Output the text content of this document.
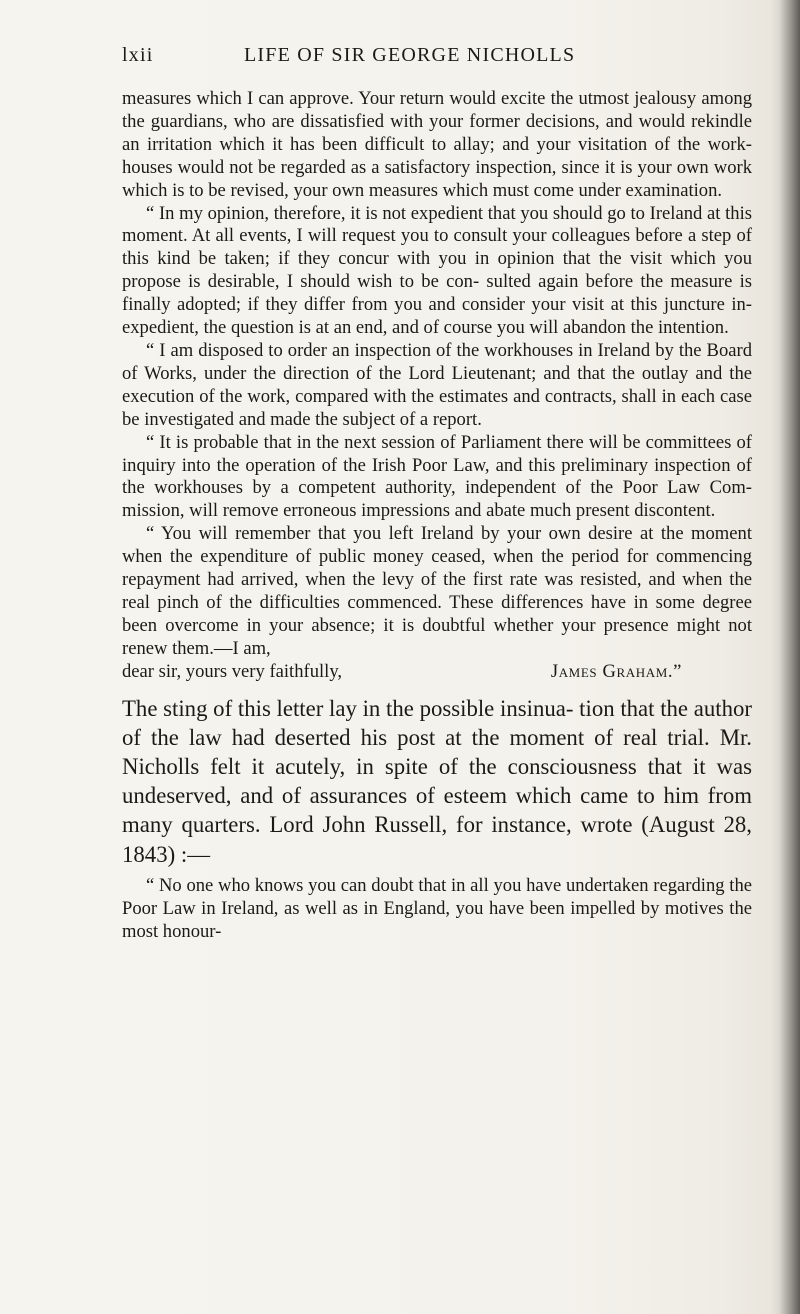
lxii	LIFE OF SIR GEORGE NICHOLLS

measures which I can approve. Your return would excite the utmost jealousy among the guardians, who are dissatisfied with your former decisions, and would rekindle an irritation which it has been difficult to allay; and your visitation of the work- houses would not be regarded as a satisfactory inspection, since it is your own work which is to be revised, your own measures which must come under examination.

“ In my opinion, therefore, it is not expedient that you should go to Ireland at this moment. At all events, I will request you to consult your colleagues before a step of this kind be taken; if they concur with you in opinion that the visit which you propose is desirable, I should wish to be con- sulted again before the measure is finally adopted; if they differ from you and consider your visit at this juncture in- expedient, the question is at an end, and of course you will abandon the intention.

“ I am disposed to order an inspection of the workhouses in Ireland by the Board of Works, under the direction of the Lord Lieutenant; and that the outlay and the execution of the work, compared with the estimates and contracts, shall in each case be investigated and made the subject of a report.

“ It is probable that in the next session of Parliament there will be committees of inquiry into the operation of the Irish Poor Law, and this preliminary inspection of the workhouses by a competent authority, independent of the Poor Law Com- mission, will remove erroneous impressions and abate much present discontent.

“ You will remember that you left Ireland by your own desire at the moment when the expenditure of public money ceased, when the period for commencing repayment had arrived, when the levy of the first rate was resisted, and when the real pinch of the difficulties commenced. These differences have in some degree been overcome in your absence; it is doubtful whether your presence might not renew them.—I am,

dear sir, yours very faithfully,	James Graham.”

The sting of this letter lay in the possible insinua- tion that the author of the law had deserted his post at the moment of real trial. Mr. Nicholls felt it acutely, in spite of the consciousness that it was undeserved, and of assurances of esteem which came to him from many quarters. Lord John Russell, for instance, wrote (August 28, 1843) :—

“ No one who knows you can doubt that in all you have undertaken regarding the Poor Law in Ireland, as well as in England, you have been impelled by motives the most honour-
